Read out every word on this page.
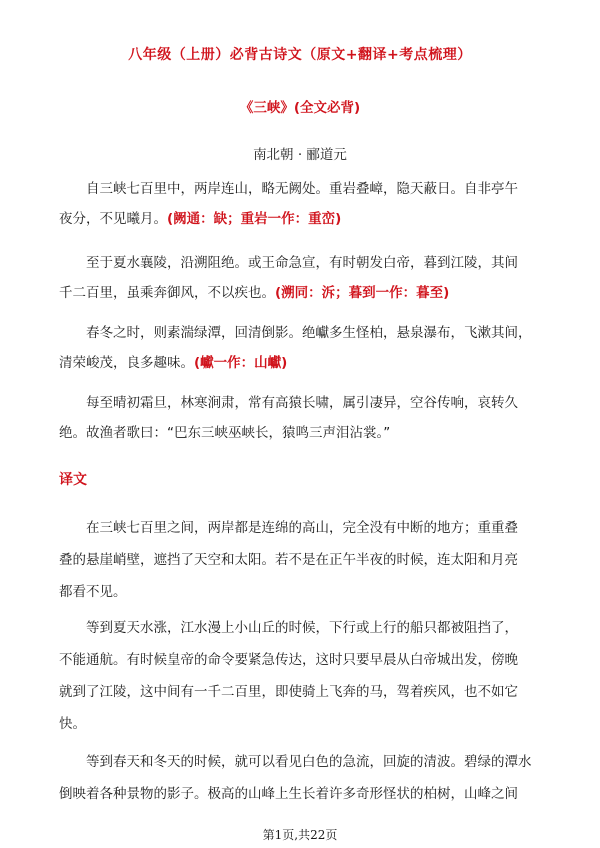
八年级（上册）必背古诗文（原文+翻译+考点梳理）
《三峡》(全文必背)
南北朝 · 郦道元
自三峡七百里中，两岸连山，略无阙处。重岩叠嶂，隐天蔽日。自非亭午
夜分，不见曦月。(阙通：缺；重岩一作：重峦)
至于夏水襄陵，沿溯阻绝。或王命急宣，有时朝发白帝，暮到江陵，其间
千二百里，虽乘奔御风，不以疾也。(溯同：泝；暮到一作：暮至)
春冬之时，则素湍绿潭，回清倒影。绝巘多生怪柏，悬泉瀑布，飞漱其间，
清荣峻茂，良多趣味。(巘一作：山巘)
每至晴初霜旦，林寒涧肃，常有高猿长啸，属引凄异，空谷传响，哀转久
绝。故渔者歌曰：“巴东三峡巫峡长，猿鸣三声泪沾裳。”
译文
在三峡七百里之间，两岸都是连绵的高山，完全没有中断的地方；重重叠
叠的悬崖峭壁，遮挡了天空和太阳。若不是在正午半夜的时候，连太阳和月亮
都看不见。
等到夏天水涨，江水漫上小山丘的时候，下行或上行的船只都被阻挡了，
不能通航。有时候皇帝的命令要紧急传达，这时只要早晨从白帝城出发，傍晚
就到了江陵，这中间有一千二百里，即使骑上飞奔的马，驾着疾风，也不如它
快。
等到春天和冬天的时候，就可以看见白色的急流，回旋的清波。碧绿的潭水
倒映着各种景物的影子。极高的山峰上生长着许多奇形怪状的柏树，山峰之间
第1页,共22页
